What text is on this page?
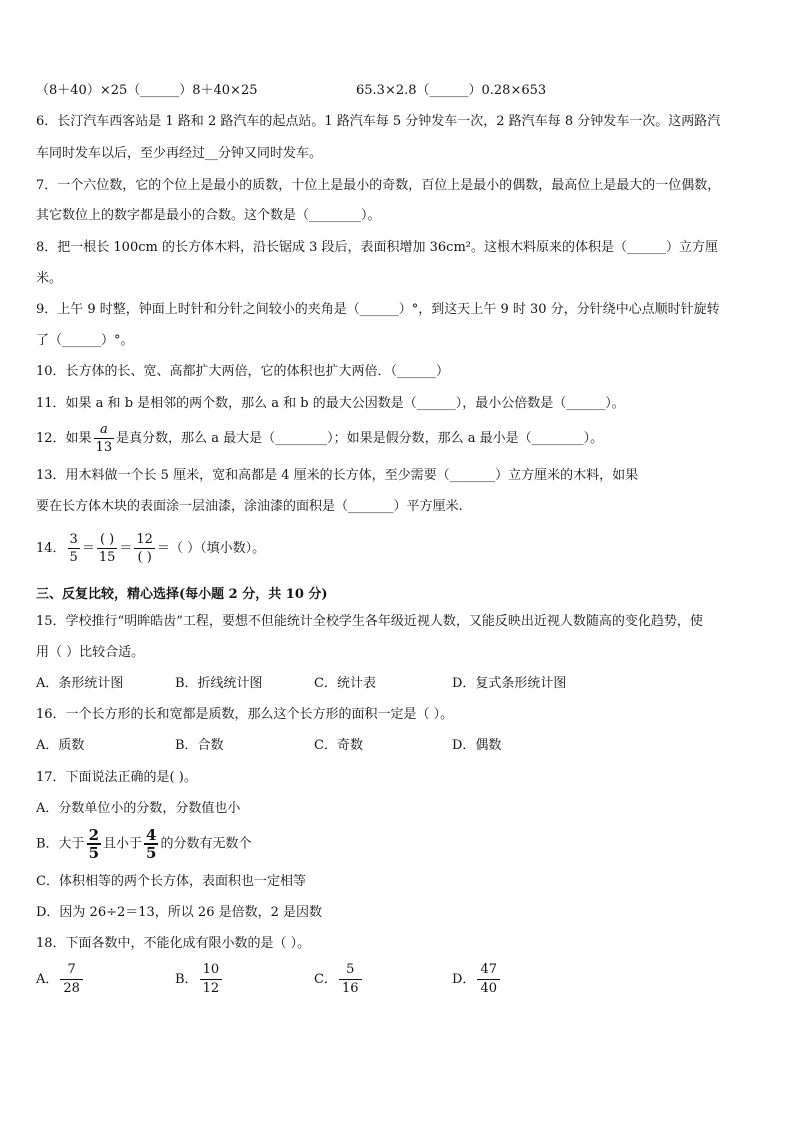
（8＋40）×25（______）8＋40×25	65.3×2.8（______）0.28×653
6．长汀汽车西客站是 1 路和 2 路汽车的起点站。1 路汽车每 5 分钟发车一次，2 路汽车每 8 分钟发车一次。这两路汽
车同时发车以后，至少再经过__分钟又同时发车。
7．一个六位数，它的个位上是最小的质数，十位上是最小的奇数，百位上是最小的偶数，最高位上是最大的一位偶数，
其它数位上的数字都是最小的合数。这个数是（________）。
8．把一根长 100cm 的长方体木料，沿长锯成 3 段后，表面积增加 36cm²。这根木料原来的体积是（______）立方厘
米。
9．上午 9 时整，钟面上时针和分针之间较小的夹角是（______）°，到这天上午 9 时 30 分，分针绕中心点顺时针旋转
了（______）°。
10．长方体的长、宽、高都扩大两倍，它的体积也扩大两倍．（______）
11．如果 a 和 b 是相邻的两个数，那么 a 和 b 的最大公因数是（______），最小公倍数是（______）。
12．如果 $\frac{a}{13}$ 是真分数，那么 a 最大是（________）；如果是假分数，那么 a 最小是（________）。
13．用木料做一个长 5 厘米，宽和高都是 4 厘米的长方体，至少需要（_______）立方厘米的木料，如果
要在长方体木块的表面涂一层油漆，涂油漆的面积是（_______）平方厘米.
14． $\frac{3}{5} = \frac{( )}{15} = \frac{12}{( )}$ ＝（ ）（填小数）。
三、反复比较，精心选择(每小题 2 分，共 10 分)
15．学校推行“明眸皓齿”工程，要想不但能统计全校学生各年级近视人数，又能反映出近视人数随高的变化趋势，使
用（ ）比较合适。
A．条形统计图	B．折线统计图	C．统计表	D．复式条形统计图
16．一个长方形的长和宽都是质数，那么这个长方形的面积一定是（ ）。
A．质数	B．合数	C．奇数	D．偶数
17．下面说法正确的是( )。
A．分数单位小的分数，分数值也小
B．大于 $\frac{2}{5}$ 且小于 $\frac{4}{5}$ 的分数有无数个
C．体积相等的两个长方体，表面积也一定相等
D．因为 26÷2＝13，所以 26 是倍数，2 是因数
18．下面各数中，不能化成有限小数的是（ ）。
A． $\frac{7}{28}$	B． $\frac{10}{12}$	C． $\frac{5}{16}$	D． $\frac{47}{40}$
